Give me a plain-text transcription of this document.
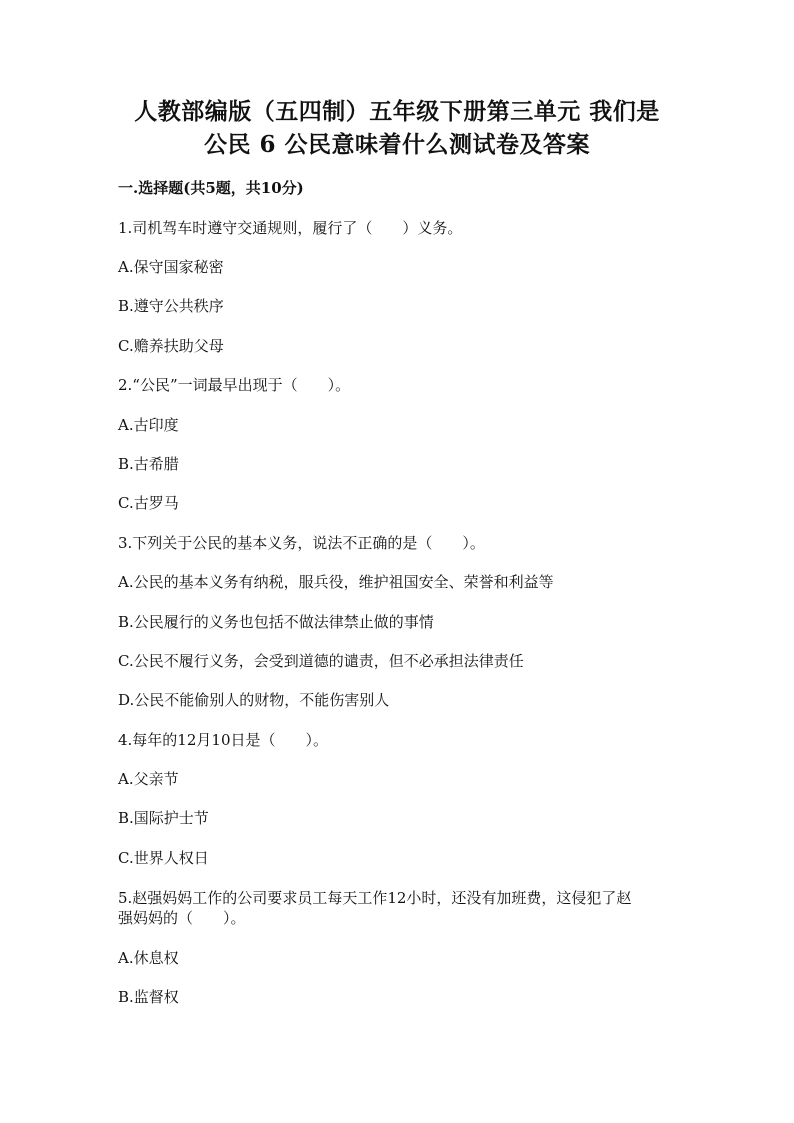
人教部编版（五四制）五年级下册第三单元 我们是
公民 6 公民意味着什么测试卷及答案
一.选择题(共5题，共10分)
1.司机驾车时遵守交通规则，履行了（　　）义务。
A.保守国家秘密
B.遵守公共秩序
C.赡养扶助父母
2.“公民”一词最早出现于（　　）。
A.古印度
B.古希腊
C.古罗马
3.下列关于公民的基本义务，说法不正确的是（　　）。
A.公民的基本义务有纳税，服兵役，维护祖国安全、荣誉和利益等
B.公民履行的义务也包括不做法律禁止做的事情
C.公民不履行义务，会受到道德的谴责，但不必承担法律责任
D.公民不能偷别人的财物，不能伤害别人
4.每年的12月10日是（　　）。
A.父亲节
B.国际护士节
C.世界人权日
5.赵强妈妈工作的公司要求员工每天工作12小时，还没有加班费，这侵犯了赵
强妈妈的（　　）。
A.休息权
B.监督权
